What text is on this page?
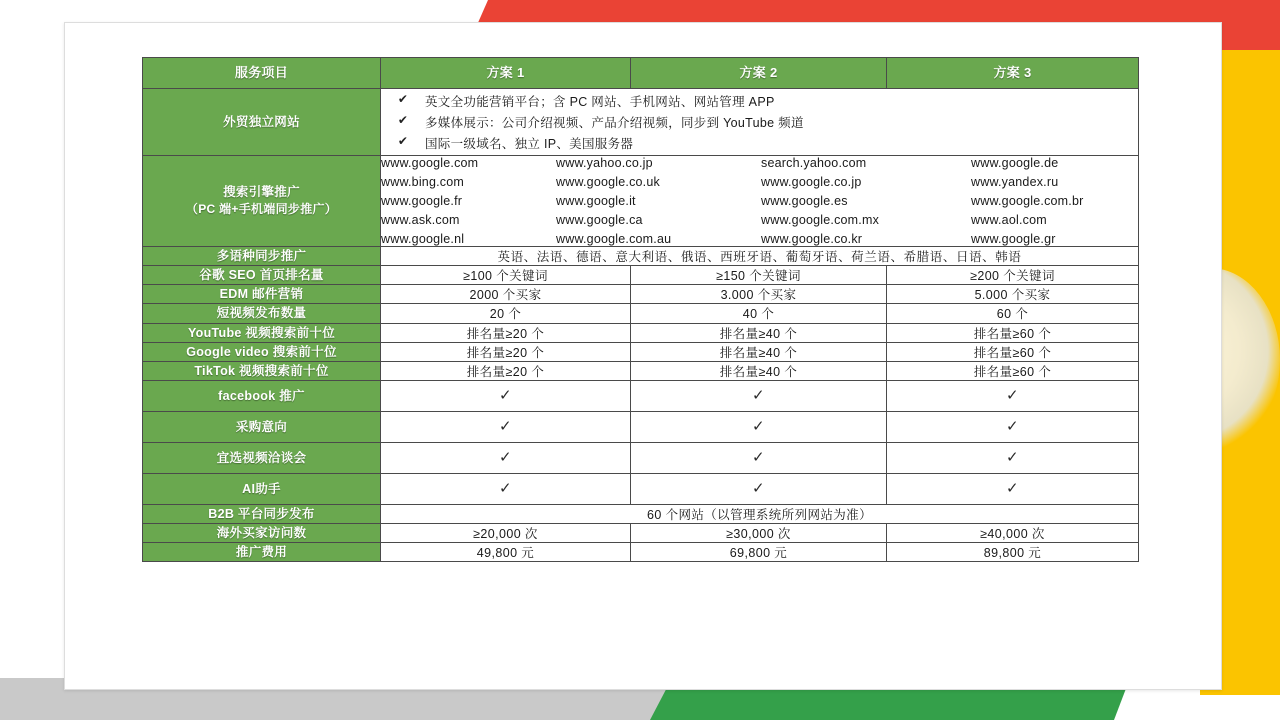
服务项目	方案 1	方案 2	方案 3
外贸独立网站	
✔	英文全功能营销平台；含 PC 网站、手机网站、网站管理 APP
✔	多媒体展示：公司介绍视频、产品介绍视频，同步到 YouTube 频道
✔	国际一级域名、独立 IP、美国服务器

搜索引擎推广
（PC 端+手机端同步推广）

www.google.com	www.yahoo.co.jp	search.yahoo.com	www.google.de
www.bing.com	www.google.co.uk	www.google.co.jp	www.yandex.ru
www.google.fr	www.google.it	www.google.es	www.google.com.br
www.ask.com	www.google.ca	www.google.com.mx	www.aol.com
www.google.nl	www.google.com.au	www.google.co.kr	www.google.gr

多语种同步推广	英语、法语、德语、意大利语、俄语、西班牙语、葡萄牙语、荷兰语、希腊语、日语、韩语		
谷歌 SEO 首页排名量	≥100 个关键词	≥150 个关键词	≥200 个关键词
EDM 邮件营销	2000 个买家	3.000 个买家	5.000 个买家
短视频发布数量	20 个	40 个	60 个
YouTube 视频搜索前十位	排名量≥20 个	排名量≥40 个	排名量≥60 个
Google video 搜索前十位	排名量≥20 个	排名量≥40 个	排名量≥60 个
TikTok 视频搜索前十位	排名量≥20 个	排名量≥40 个	排名量≥60 个
facebook 推广	✓	✓	✓
采购意向	✓	✓	✓
宜选视频洽谈会	✓	✓	✓
AI助手	✓	✓	✓
B2B 平台同步发布	60 个网站（以管理系统所列网站为准）		
海外买家访问数	≥20,000 次	≥30,000 次	≥40,000 次
推广费用	49,800 元	69,800 元	89,800 元
